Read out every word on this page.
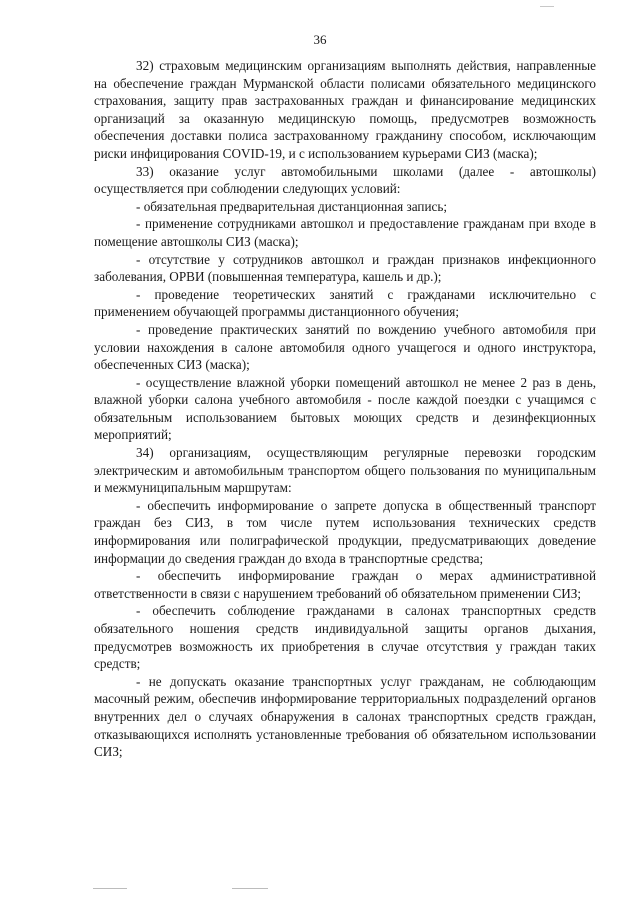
36

32) страховым медицинским организациям выполнять действия, направленные на обеспечение граждан Мурманской области полисами обязательного медицинского страхования, защиту прав застрахованных граждан и финансирование медицинских организаций за оказанную медицинскую помощь, предусмотрев возможность обеспечения доставки полиса застрахованному гражданину способом, исключающим риски инфицирования COVID-19, и с использованием курьерами СИЗ (маска);

33) оказание услуг автомобильными школами (далее - автошколы) осуществляется при соблюдении следующих условий:

- обязательная предварительная дистанционная запись;

- применение сотрудниками автошкол и предоставление гражданам при входе в помещение автошколы СИЗ (маска);

- отсутствие у сотрудников автошкол и граждан признаков инфекционного заболевания, ОРВИ (повышенная температура, кашель и др.);

- проведение теоретических занятий с гражданами исключительно с применением обучающей программы дистанционного обучения;

- проведение практических занятий по вождению учебного автомобиля при условии нахождения в салоне автомобиля одного учащегося и одного инструктора, обеспеченных СИЗ (маска);

- осуществление влажной уборки помещений автошкол не менее 2 раз в день, влажной уборки салона учебного автомобиля - после каждой поездки с учащимся с обязательным использованием бытовых моющих средств и дезинфекционных мероприятий;

34) организациям, осуществляющим регулярные перевозки городским электрическим и автомобильным транспортом общего пользования по муниципальным и межмуниципальным маршрутам:

- обеспечить информирование о запрете допуска в общественный транспорт граждан без СИЗ, в том числе путем использования технических средств информирования или полиграфической продукции, предусматривающих доведение информации до сведения граждан до входа в транспортные средства;

- обеспечить информирование граждан о мерах административной ответственности в связи с нарушением требований об обязательном применении СИЗ;

- обеспечить соблюдение гражданами в салонах транспортных средств обязательного ношения средств индивидуальной защиты органов дыхания, предусмотрев возможность их приобретения в случае отсутствия у граждан таких средств;

- не допускать оказание транспортных услуг гражданам, не соблюдающим масочный режим, обеспечив информирование территориальных подразделений органов внутренних дел о случаях обнаружения в салонах транспортных средств граждан, отказывающихся исполнять установленные требования об обязательном использовании СИЗ;
